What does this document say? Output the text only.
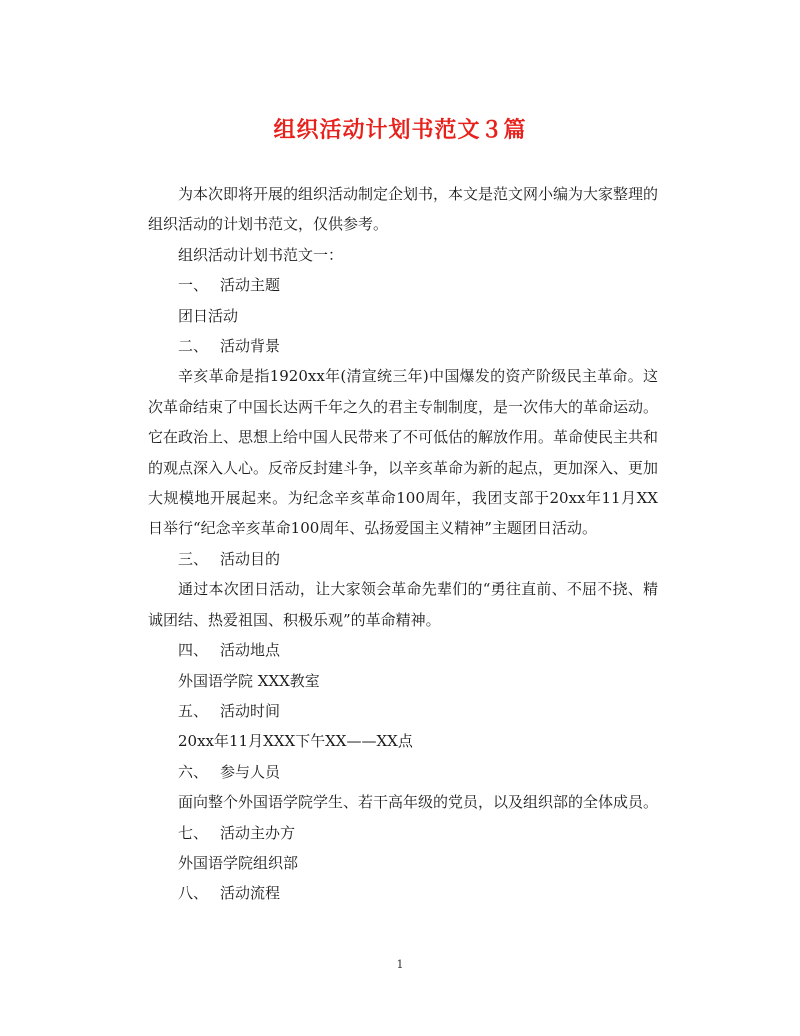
组织活动计划书范文３篇

为本次即将开展的组织活动制定企划书，本文是范文网小编为大家整理的组织活动的计划书范文，仅供参考。

组织活动计划书范文一：

一、 活动主题

团日活动

二、 活动背景

辛亥革命是指1920xx年(清宣统三年)中国爆发的资产阶级民主革命。这次革命结束了中国长达两千年之久的君主专制制度，是一次伟大的革命运动。它在政治上、思想上给中国人民带来了不可低估的解放作用。革命使民主共和的观点深入人心。反帝反封建斗争，以辛亥革命为新的起点，更加深入、更加大规模地开展起来。为纪念辛亥革命100周年，我团支部于20xx年11月XX日举行“纪念辛亥革命100周年、弘扬爱国主义精神”主题团日活动。

三、 活动目的

通过本次团日活动，让大家领会革命先辈们的“勇往直前、不屈不挠、精诚团结、热爱祖国、积极乐观”的革命精神。

四、 活动地点

外国语学院 XXX教室

五、 活动时间

20xx年11月XXX下午XX——XX点

六、 参与人员

面向整个外国语学院学生、若干高年级的党员，以及组织部的全体成员。

七、 活动主办方

外国语学院组织部

八、 活动流程

1
